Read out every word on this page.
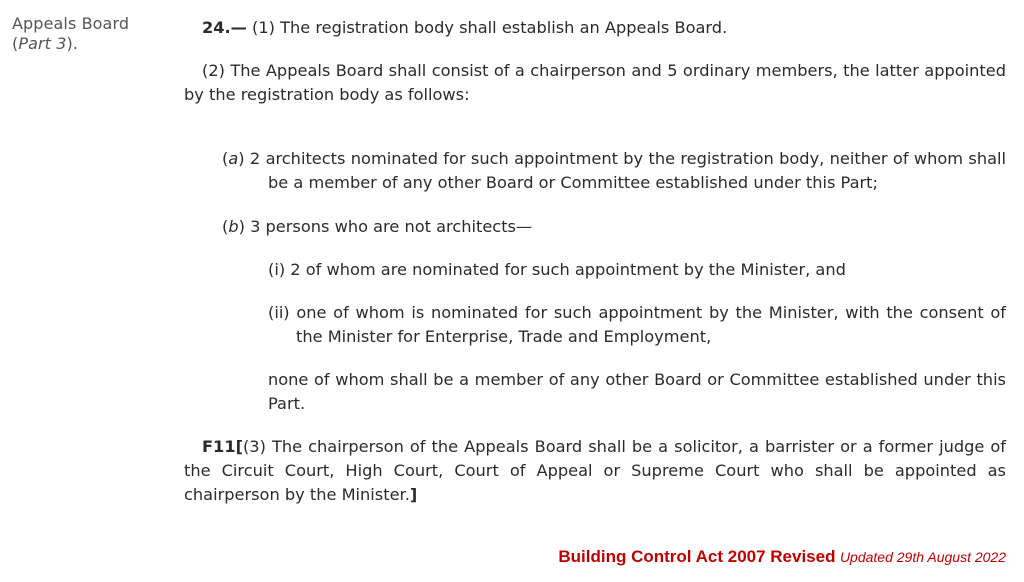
Appeals Board
(Part 3).

24.— (1) The registration body shall establish an Appeals Board.

(2) The Appeals Board shall consist of a chairperson and 5 ordinary members, the latter appointed by the registration body as follows:

(a) 2 architects nominated for such appointment by the registration body, neither of whom shall be a member of any other Board or Committee established under this Part;

(b) 3 persons who are not architects—

(i) 2 of whom are nominated for such appointment by the Minister, and

(ii) one of whom is nominated for such appointment by the Minister, with the consent of the Minister for Enterprise, Trade and Employment,

none of whom shall be a member of any other Board or Committee established under this Part.

F11[(3) The chairperson of the Appeals Board shall be a solicitor, a barrister or a former judge of the Circuit Court, High Court, Court of Appeal or Supreme Court who shall be appointed as chairperson by the Minister.]

Building Control Act 2007 Revised Updated 29th August 2022
